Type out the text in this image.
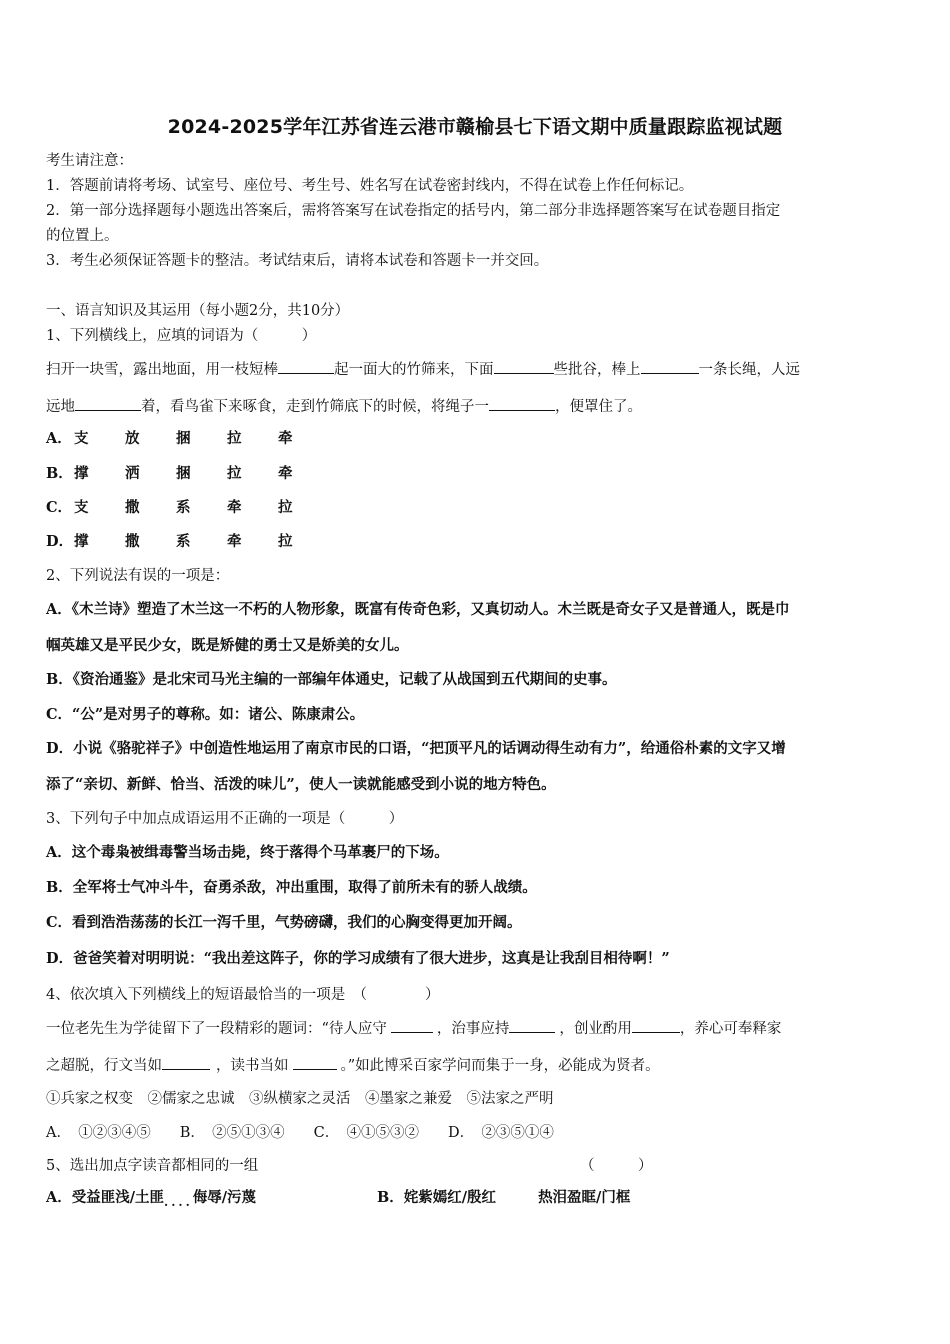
2024-2025学年江苏省连云港市赣榆县七下语文期中质量跟踪监视试题
考生请注意：
1．答题前请将考场、试室号、座位号、考生号、姓名写在试卷密封线内，不得在试卷上作任何标记。
2．第一部分选择题每小题选出答案后，需将答案写在试卷指定的括号内，第二部分非选择题答案写在试卷题目指定
的位置上。
3．考生必须保证答题卡的整洁。考试结束后，请将本试卷和答题卡一并交回。
一、语言知识及其运用（每小题2分，共10分）
1、下列横线上，应填的词语为（　　　）
扫开一块雪，露出地面，用一枝短棒	起一面大的竹筛来，下面	些批谷，棒上	一条长绳，人远
远地	着，看鸟雀下来啄食，走到竹筛底下的时候，将绳子一	，便罩住了。
A． 支	放	捆	拉	牵
B．撑	洒	捆	拉	牵
C． 支	撒	系	牵	拉
D．撑	撒	系	牵	拉
2、下列说法有误的一项是：
A．《木兰诗》塑造了木兰这一不朽的人物形象，既富有传奇色彩，又真切动人。木兰既是奇女子又是普通人，既是巾
帼英雄又是平民少女，既是矫健的勇士又是娇美的女儿。
B．《资治通鉴》是北宋司马光主编的一部编年体通史，记载了从战国到五代期间的史事。
C．“公”是对男子的尊称。如：诸公、陈康肃公。
D．小说《骆驼祥子》中创造性地运用了南京市民的口语，“把顶平凡的话调动得生动有力”，给通俗朴素的文字又增
添了“亲切、新鲜、恰当、活泼的味儿”，使人一读就能感受到小说的地方特色。
3、下列句子中加点成语运用不正确的一项是（　　　）
A．这个毒枭被缉毒警当场击毙，终于落得个马革裹尸的下场。
B．全军将士气冲斗牛，奋勇杀敌，冲出重围，取得了前所未有的骄人战绩。
C．看到浩浩荡荡的长江一泻千里，气势磅礴，我们的心胸变得更加开阔。
D．爸爸笑着对明明说：“我出差这阵子，你的学习成绩有了很大进步，这真是让我刮目相待啊！”
4、依次填入下列横线上的短语最恰当的一项是　（　　　　）
一位老先生为学徒留下了一段精彩的题词：“待人应守	，治事应持	，创业酌用	，养心可奉释家
之超脱，行文当如	，读书当如	。”如此博采百家学问而集于一身，必能成为贤者。
①兵家之权变　②儒家之忠诚　③纵横家之灵活　④墨家之兼爱　⑤法家之严明
A．　①②③④⑤　　B．　②⑤①③④　　C．　④①⑤③②　　D．　②③⑤①④
5、选出加点字读音都相同的一组	（　　　）
A．受益匪浅/土匪....侮辱/污蔑	B．姹紫嫣红/殷红	热泪盈眶/门框
